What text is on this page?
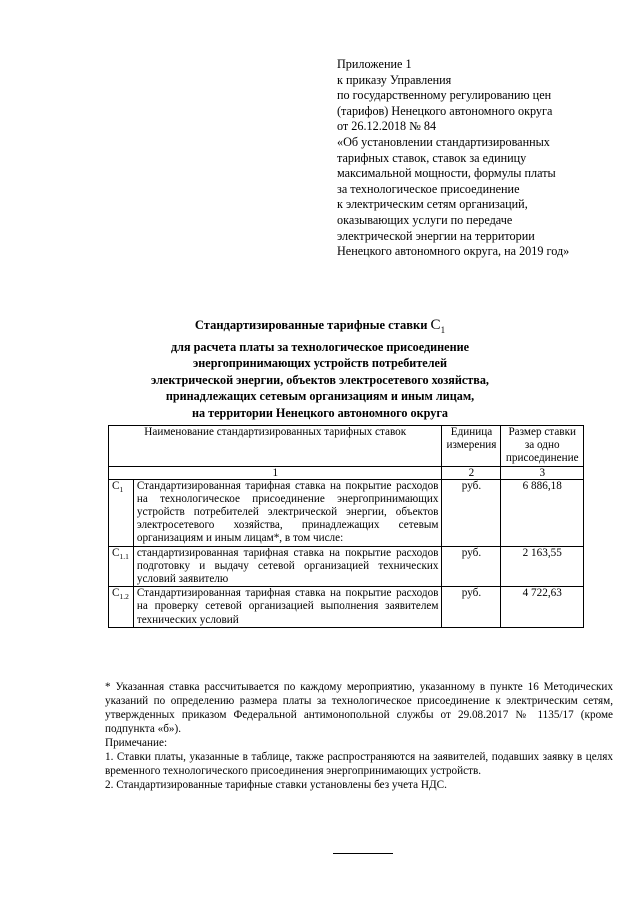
Приложение 1
к приказу Управления
по государственному регулированию цен
(тарифов) Ненецкого автономного округа
от 26.12.2018 № 84
«Об установлении стандартизированных
тарифных ставок, ставок за единицу
максимальной мощности, формулы платы
за технологическое присоединение
к электрическим сетям организаций,
оказывающих услуги по передаче
электрической энергии на территории
Ненецкого автономного округа, на 2019 год»
Стандартизированные тарифные ставки $C_1$
для расчета платы за технологическое присоединение
энергопринимающих устройств потребителей
электрической энергии, объектов электросетевого хозяйства,
принадлежащих сетевым организациям и иным лицам,
на территории Ненецкого автономного округа
Наименование стандартизированных тарифных ставок		Единица измерения	Размер ставки за одно присоединение
1		2	3
$C_1$	Стандартизированная тарифная ставка на покрытие расходов на технологическое присоединение энергопринимающих устройств потребителей электрической энергии, объектов электросетевого хозяйства, принадлежащих сетевым организациям и иным лицам*, в том числе:	руб.	6 886,18
$C_{1.1}$	стандартизированная тарифная ставка на покрытие расходов подготовку и выдачу сетевой организацией технических условий заявителю	руб.	2 163,55
$C_{1.2}$	Стандартизированная тарифная ставка на покрытие расходов на проверку сетевой организацией выполнения заявителем технических условий	руб.	4 722,63

* Указанная ставка рассчитывается по каждому мероприятию, указанному в пункте 16 Методических указаний по определению размера платы за технологическое присоединение к электрическим сетям, утвержденных приказом Федеральной антимонопольной службы от 29.08.2017 № 1135/17 (кроме подпункта «б»).

Примечание:

1. Ставки платы, указанные в таблице, также распространяются на заявителей, подавших заявку в целях временного технологического присоединения энергопринимающих устройств.

2. Стандартизированные тарифные ставки установлены без учета НДС.
